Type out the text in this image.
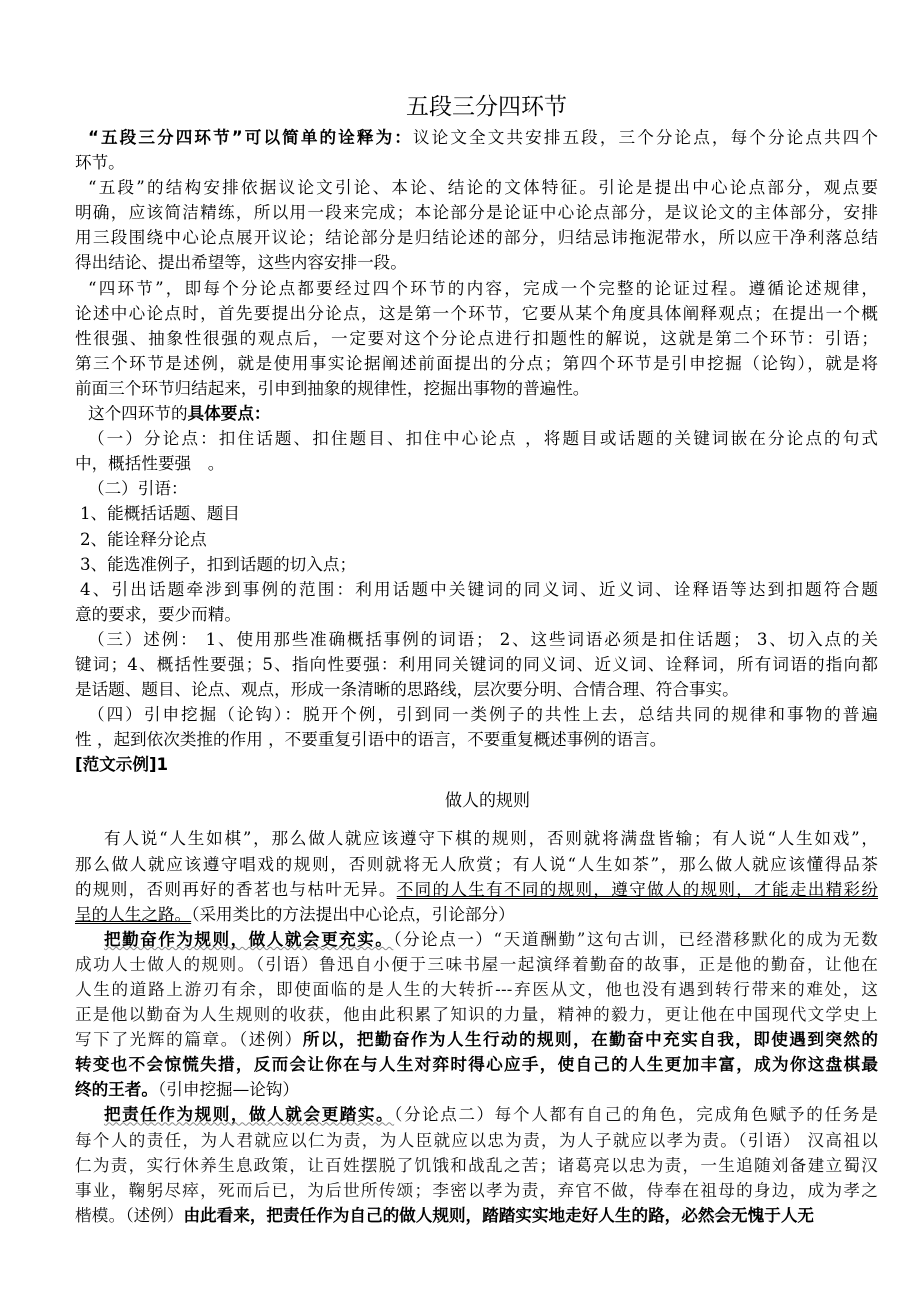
五段三分四环节
“五段三分四环节”可以简单的诠释为：议论文全文共安排五段，三个分论点，每个分论点共四个
环节。
“五段”的结构安排依据议论文引论、本论、结论的文体特征。引论是提出中心论点部分，观点要
明确，应该简洁精练，所以用一段来完成；本论部分是论证中心论点部分，是议论文的主体部分，安排
用三段围绕中心论点展开议论；结论部分是归结论述的部分，归结忌讳拖泥带水，所以应干净利落总结
得出结论、提出希望等，这些内容安排一段。
“四环节”，即每个分论点都要经过四个环节的内容，完成一个完整的论证过程。遵循论述规律，
论述中心论点时，首先要提出分论点，这是第一个环节，它要从某个角度具体阐释观点；在提出一个概
性很强、抽象性很强的观点后，一定要对这个分论点进行扣题性的解说，这就是第二个环节：引语；
第三个环节是述例，就是使用事实论据阐述前面提出的分点；第四个环节是引申挖掘（论钩），就是将
前面三个环节归结起来，引申到抽象的规律性，挖掘出事物的普遍性。
这个四环节的具体要点：
（一）分论点：扣住话题、扣住题目、扣住中心论点 ，将题目或话题的关键词嵌在分论点的句式
中，概括性要强　。
（二）引语：
1、能概括话题、题目
2、能诠释分论点
3、能选准例子，扣到话题的切入点；
4、引出话题牵涉到事例的范围：利用话题中关键词的同义词、近义词、诠释语等达到扣题符合题
意的要求，要少而精。
（三）述例： 1、使用那些准确概括事例的词语； 2、这些词语必须是扣住话题； 3、切入点的关
键词；4、概括性要强；5、指向性要强：利用同关键词的同义词、近义词、诠释词，所有词语的指向都
是话题、题目、论点、观点，形成一条清晰的思路线，层次要分明、合情合理、符合事实。
（四）引申挖掘（论钩）：脱开个例，引到同一类例子的共性上去，总结共同的规律和事物的普遍
性 ，起到依次类推的作用 ，不要重复引语中的语言，不要重复概述事例的语言。
[范文示例]1
做人的规则
有人说“人生如棋”，那么做人就应该遵守下棋的规则，否则就将满盘皆输；有人说“人生如戏”，
那么做人就应该遵守唱戏的规则，否则就将无人欣赏；有人说“人生如茶”，那么做人就应该懂得品茶
的规则，否则再好的香茗也与枯叶无异。不同的人生有不同的规则，遵守做人的规则，才能走出精彩纷
呈的人生之路。（采用类比的方法提出中心论点，引论部分）
把勤奋作为规则，做人就会更充实。（分论点一）“天道酬勤”这句古训，已经潜移默化的成为无数
成功人士做人的规则。（引语）鲁迅自小便于三味书屋一起演绎着勤奋的故事，正是他的勤奋，让他在
人生的道路上游刃有余，即使面临的是人生的大转折---弃医从文，他也没有遇到转行带来的难处，这
正是他以勤奋为人生规则的收获，他由此积累了知识的力量，精神的毅力，更让他在中国现代文学史上
写下了光辉的篇章。（述例）所以，把勤奋作为人生行动的规则，在勤奋中充实自我，即使遇到突然的
转变也不会惊慌失措，反而会让你在与人生对弈时得心应手，使自己的人生更加丰富，成为你这盘棋最
终的王者。（引申挖掘—论钩）
把责任作为规则，做人就会更踏实。（分论点二）每个人都有自己的角色，完成角色赋予的任务是
每个人的责任，为人君就应以仁为责，为人臣就应以忠为责，为人子就应以孝为责。（引语） 汉高祖以
仁为责，实行休养生息政策，让百姓摆脱了饥饿和战乱之苦；诸葛亮以忠为责，一生追随刘备建立蜀汉
事业，鞠躬尽瘁，死而后已，为后世所传颂；李密以孝为责，弃官不做，侍奉在祖母的身边，成为孝之
楷模。（述例）由此看来，把责任作为自己的做人规则，踏踏实实地走好人生的路，必然会无愧于人无
